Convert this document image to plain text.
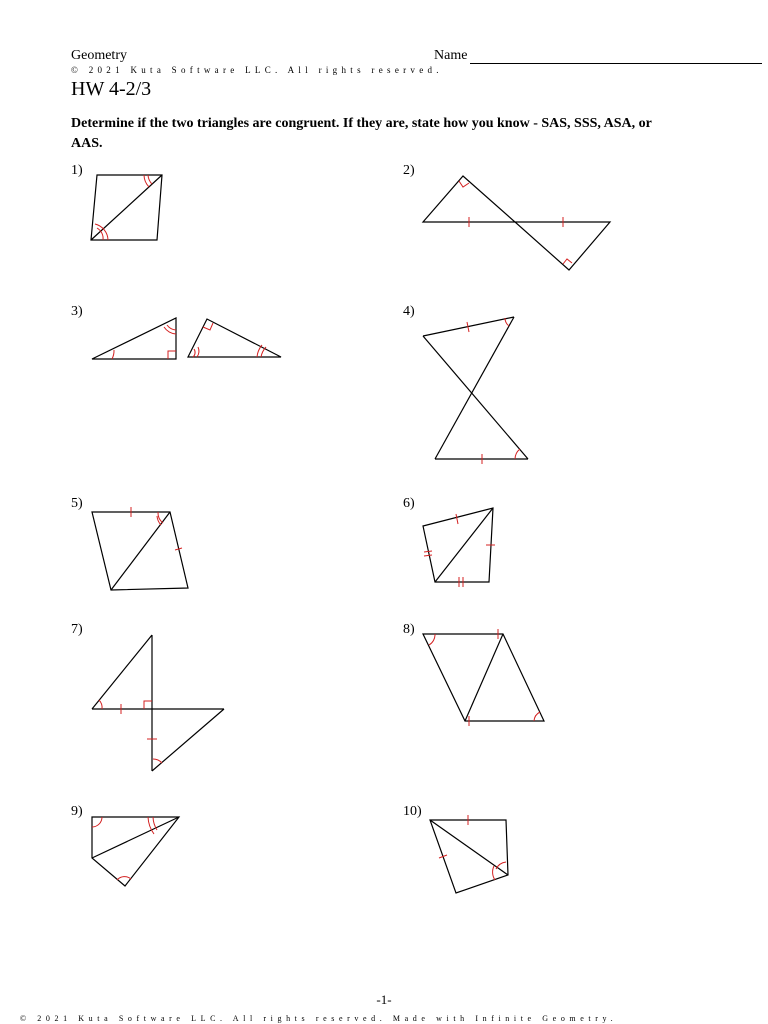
Geometry	Name
© 2021 Kuta Software LLC. All rights reserved.
HW 4-2/3
Determine if the two triangles are congruent. If they are, state how you know - SAS, SSS, ASA, or AAS.
1)	2)
3)	4)
5)	6)
7)	8)
9)	10)
-1-
© 2021 Kuta Software LLC. All rights reserved. Made with Infinite Geometry.
